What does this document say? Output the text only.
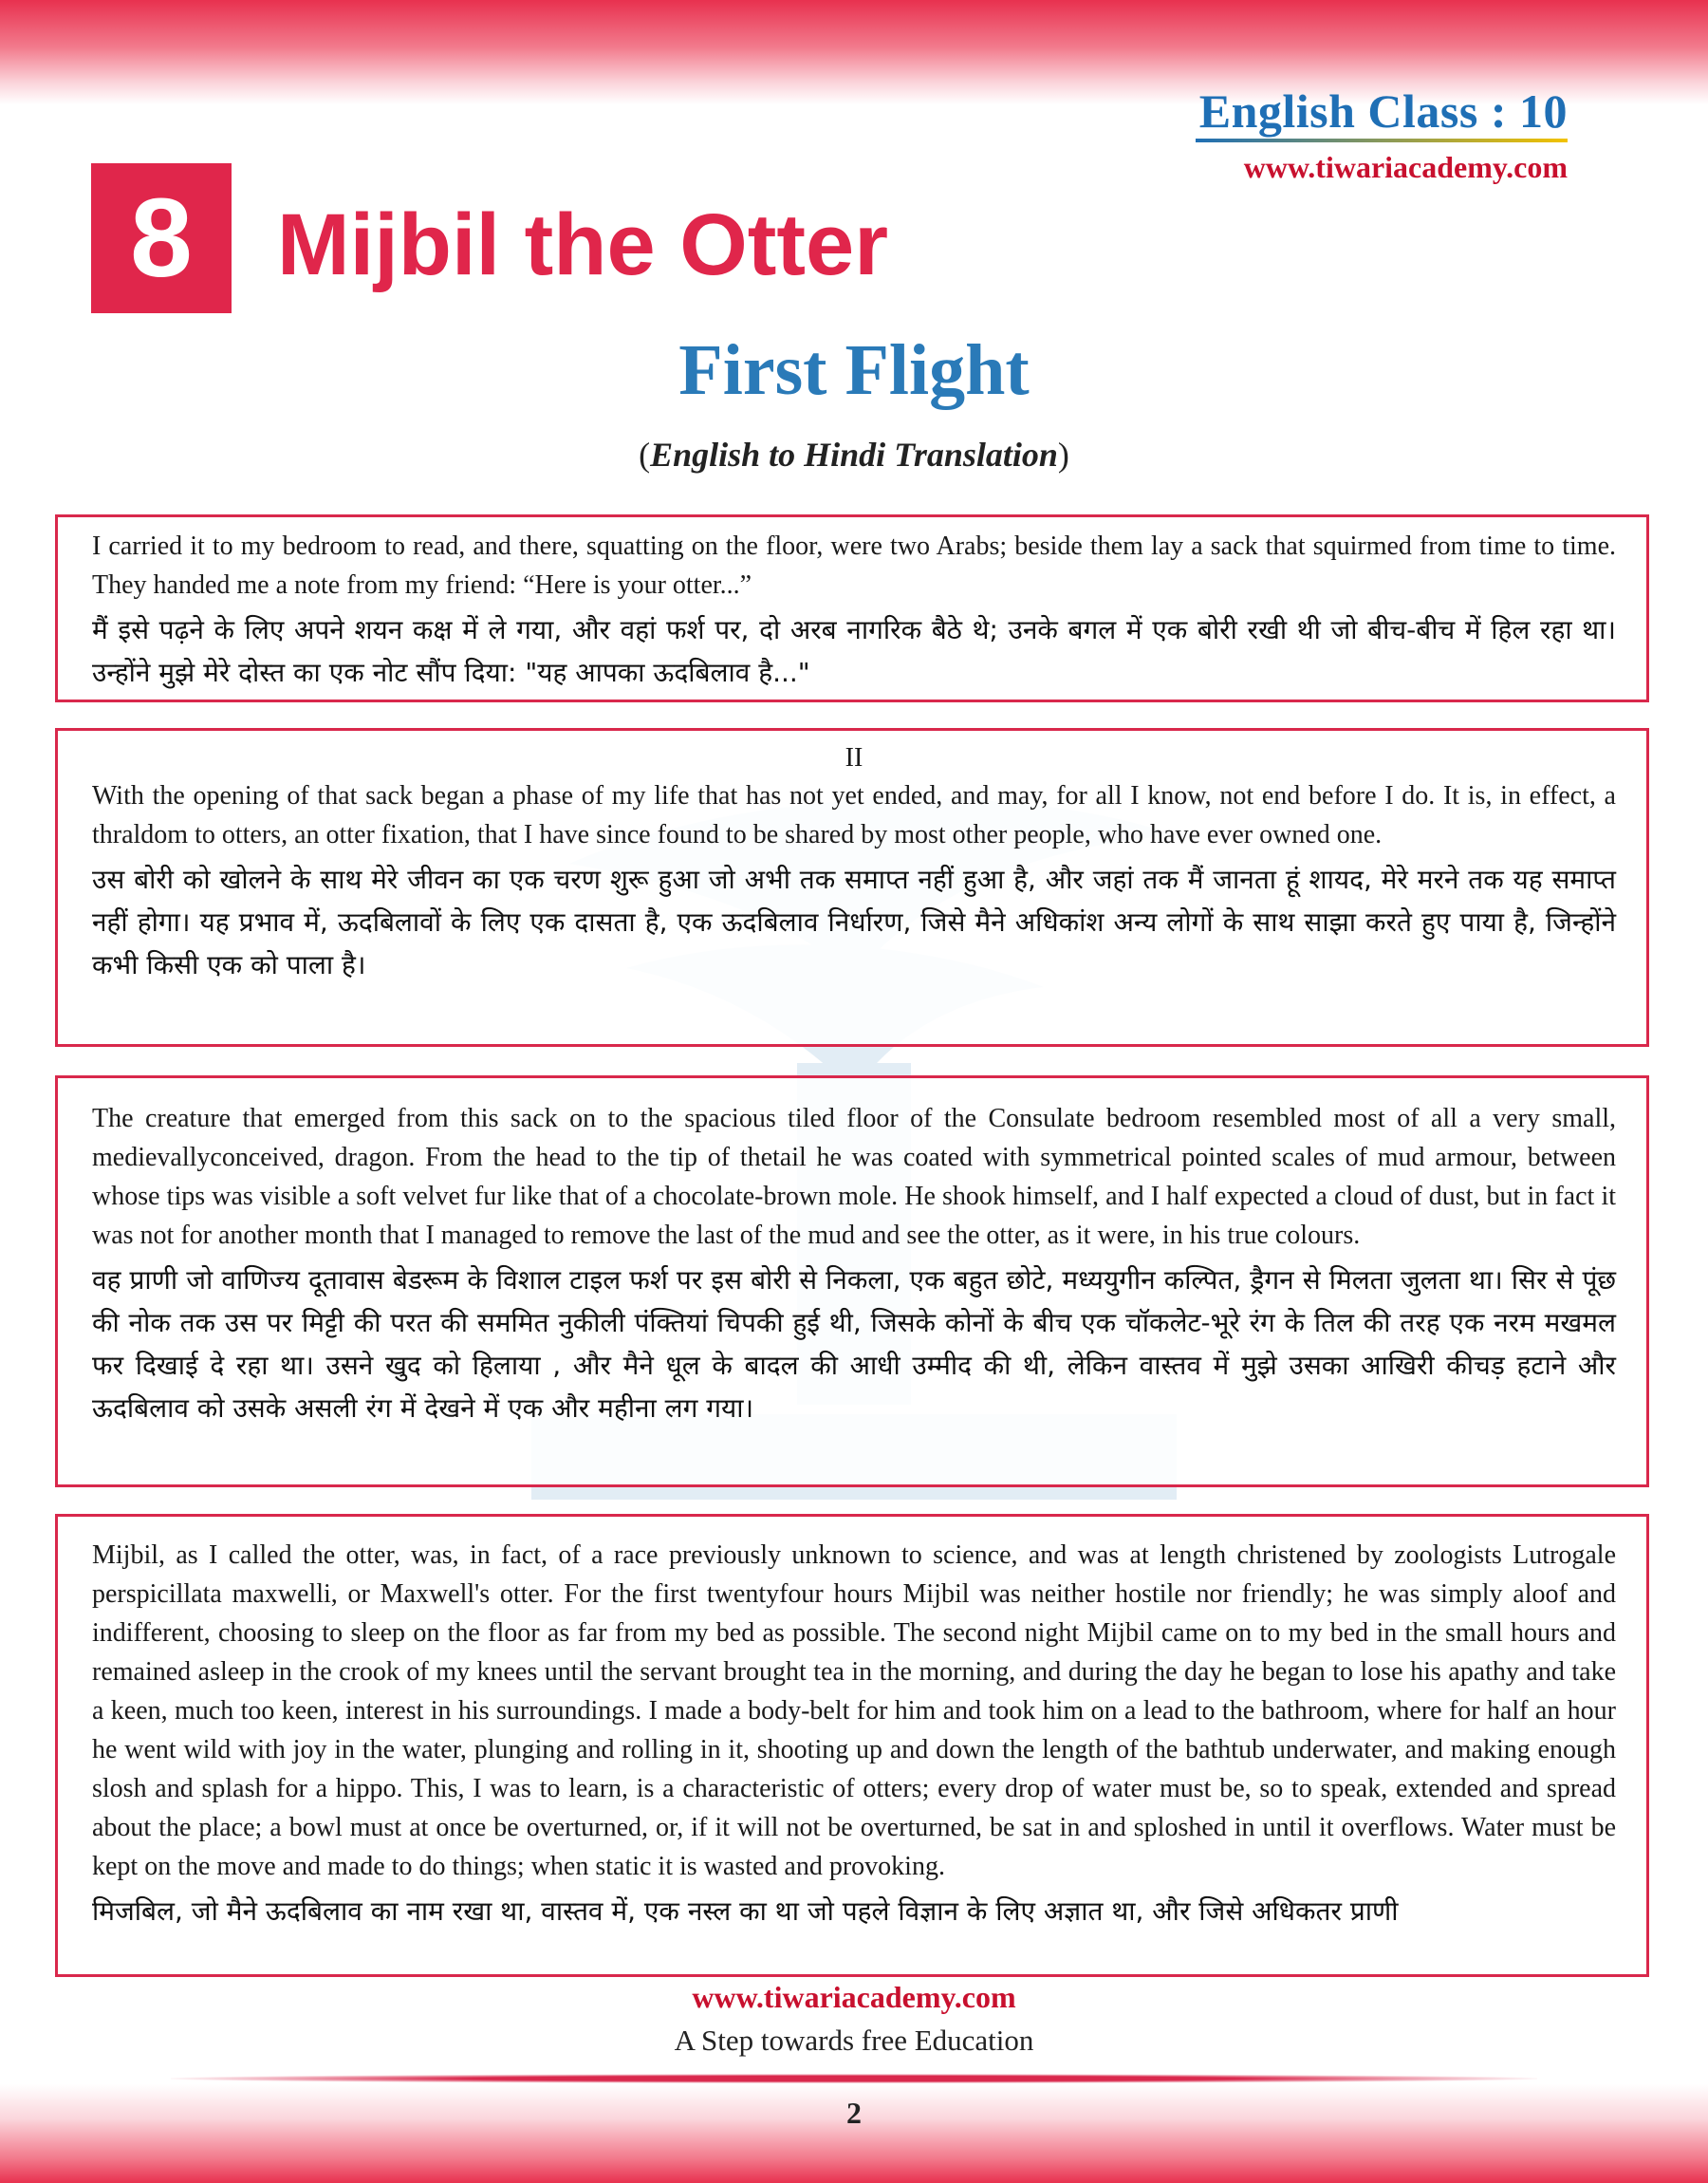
English Class : 10
www.tiwariacademy.com
8 Mijbil the Otter
First Flight
(English to Hindi Translation)

I carried it to my bedroom to read, and there, squatting on the floor, were two Arabs; beside them lay a sack that squirmed from time to time. They handed me a note from my friend: “Here is your otter...”

मैं इसे पढ़ने के लिए अपने शयन कक्ष में ले गया, और वहां फर्श पर, दो अरब नागरिक बैठे थे; उनके बगल में एक बोरी रखी थी जो बीच-बीच में हिल रहा था। उन्होंने मुझे मेरे दोस्त का एक नोट सौंप दिया: "यह आपका ऊदबिलाव है..."

II

With the opening of that sack began a phase of my life that has not yet ended, and may, for all I know, not end before I do. It is, in effect, a thraldom to otters, an otter fixation, that I have since found to be shared by most other people, who have ever owned one.

उस बोरी को खोलने के साथ मेरे जीवन का एक चरण शुरू हुआ जो अभी तक समाप्त नहीं हुआ है, और जहां तक मैं जानता हूं शायद, मेरे मरने तक यह समाप्त नहीं होगा। यह प्रभाव में, ऊदबिलावों के लिए एक दासता है, एक ऊदबिलाव निर्धारण, जिसे मैने अधिकांश अन्य लोगों के साथ साझा करते हुए पाया है, जिन्होंने कभी किसी एक को पाला है।

The creature that emerged from this sack on to the spacious tiled floor of the Consulate bedroom resembled most of all a very small, medievallyconceived, dragon. From the head to the tip of thetail he was coated with symmetrical pointed scales of mud armour, between whose tips was visible a soft velvet fur like that of a chocolate-brown mole. He shook himself, and I half expected a cloud of dust, but in fact it was not for another month that I managed to remove the last of the mud and see the otter, as it were, in his true colours.

वह प्राणी जो वाणिज्य दूतावास बेडरूम के विशाल टाइल फर्श पर इस बोरी से निकला, एक बहुत छोटे, मध्ययुगीन कल्पित, ड्रैगन से मिलता जुलता था। सिर से पूंछ की नोक तक उस पर मिट्टी की परत की सममित नुकीली पंक्तियां चिपकी हुई थी, जिसके कोनों के बीच एक चॉकलेट-भूरे रंग के तिल की तरह एक नरम मखमल फर दिखाई दे रहा था। उसने खुद को हिलाया , और मैने धूल के बादल की आधी उम्मीद की थी, लेकिन वास्तव में मुझे उसका आखिरी कीचड़ हटाने और ऊदबिलाव को उसके असली रंग में देखने में एक और महीना लग गया।

Mijbil, as I called the otter, was, in fact, of a race previously unknown to science, and was at length christened by zoologists Lutrogale perspicillata maxwelli, or Maxwell's otter. For the first twentyfour hours Mijbil was neither hostile nor friendly; he was simply aloof and indifferent, choosing to sleep on the floor as far from my bed as possible. The second night Mijbil came on to my bed in the small hours and remained asleep in the crook of my knees until the servant brought tea in the morning, and during the day he began to lose his apathy and take a keen, much too keen, interest in his surroundings. I made a body-belt for him and took him on a lead to the bathroom, where for half an hour he went wild with joy in the water, plunging and rolling in it, shooting up and down the length of the bathtub underwater, and making enough slosh and splash for a hippo. This, I was to learn, is a characteristic of otters; every drop of water must be, so to speak, extended and spread about the place; a bowl must at once be overturned, or, if it will not be overturned, be sat in and sploshed in until it overflows. Water must be kept on the move and made to do things; when static it is wasted and provoking.

मिजबिल, जो मैने ऊदबिलाव का नाम रखा था, वास्तव में, एक नस्ल का था जो पहले विज्ञान के लिए अज्ञात था, और जिसे अधिकतर प्राणी

www.tiwariacademy.com
A Step towards free Education
2
